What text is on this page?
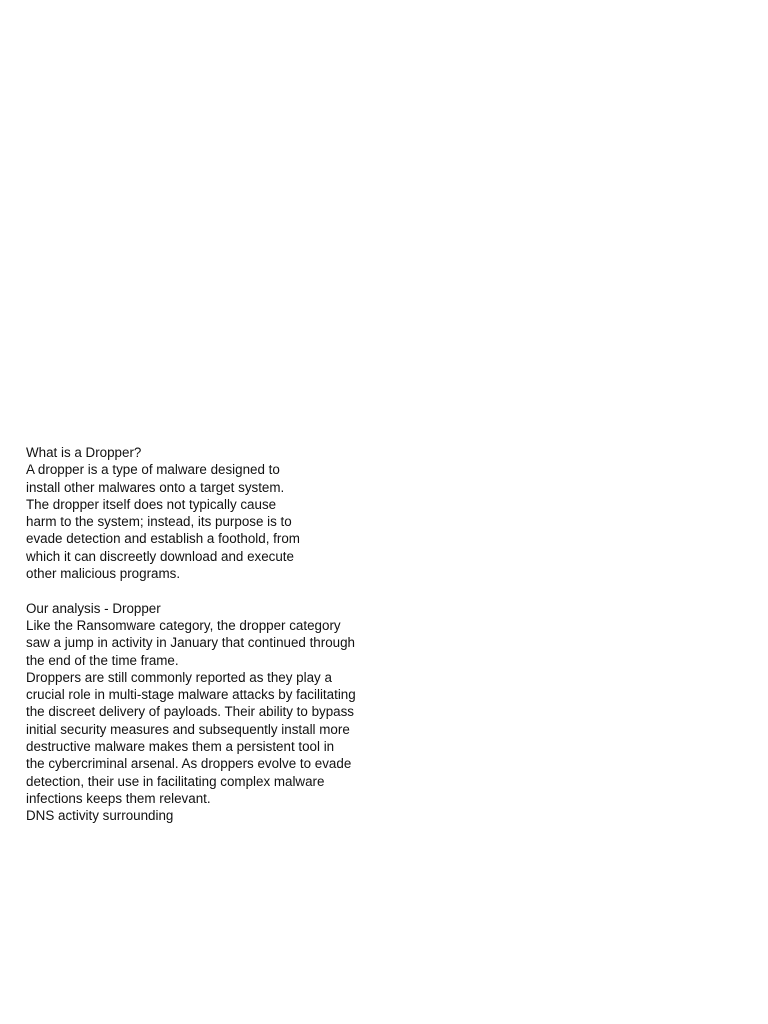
What is a Dropper?
A dropper is a type of malware designed to
install other malwares onto a target system.
The dropper itself does not typically cause
harm to the system; instead, its purpose is to
evade detection and establish a foothold, from
which it can discreetly download and execute
other malicious programs.
Our analysis - Dropper
Like the Ransomware category, the dropper category
saw a jump in activity in January that continued through
the end of the time frame.
Droppers are still commonly reported as they play a
crucial role in multi-stage malware attacks by facilitating
the discreet delivery of payloads. Their ability to bypass
initial security measures and subsequently install more
destructive malware makes them a persistent tool in
the cybercriminal arsenal. As droppers evolve to evade
detection, their use in facilitating complex malware
infections keeps them relevant.
DNS activity surrounding
